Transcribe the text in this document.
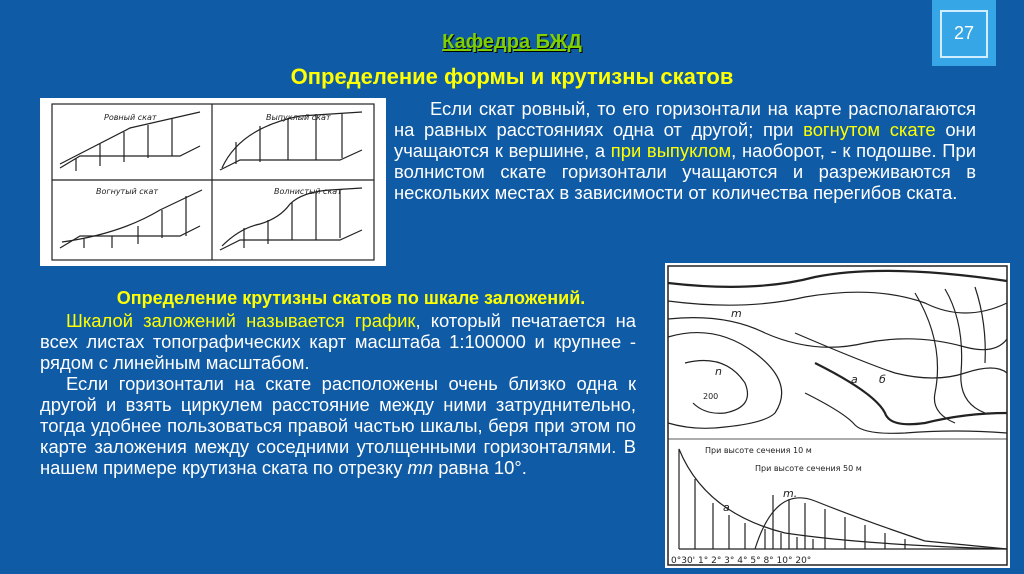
27
Кафедра БЖД
Определение формы и крутизны скатов
Ровный скат	Выпуклый скат
Вогнутый скат	Волнистый скат
Если скат ровный, то его горизонтали на карте располагаются на равных расстояниях одна от другой; при вогнутом скате они учащаются к вершине, а при выпуклом, наоборот, - к подошве. При волнистом скате горизонтали учащаются и разреживаются в нескольких местах в зависимости от количества перегибов ската.
Определение крутизны скатов по шкале заложений.
Шкалой заложений называется график, который печатается на всех листах топографических карт масштаба 1:100000 и крупнее - рядом с линейным масштабом.
Если горизонтали на скате расположены очень близко одна к другой и взять циркулем расстояние между ними затруднительно, тогда удобнее пользоваться правой частью шкалы, беря при этом по карте заложения между соседними утолщенными горизонталями. В нашем примере крутизна ската по отрезку mn равна 10°.
m
n
a б
a
m.
200
При высоте сечения 10 м
При высоте сечения 50 м
0°30' 1° 2° 3° 4° 5° 8° 10° 20°
